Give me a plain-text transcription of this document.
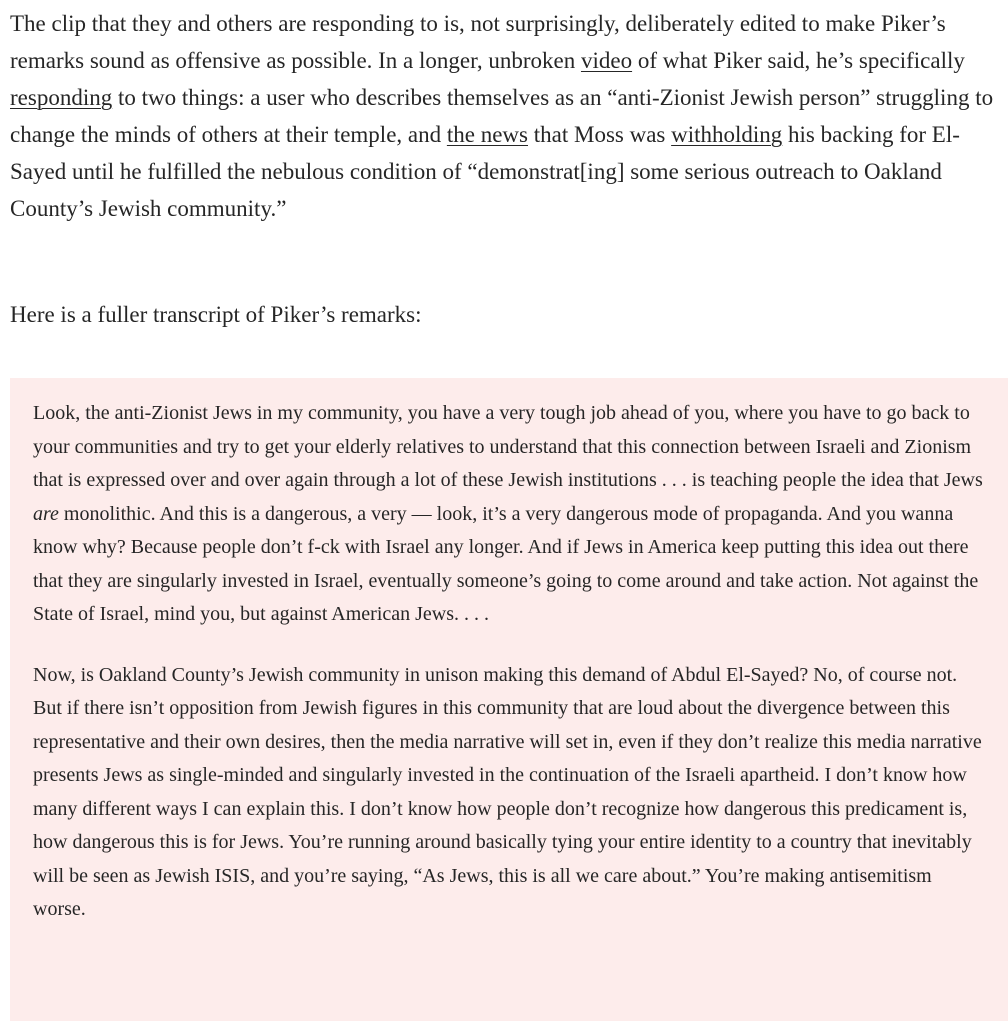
The clip that they and others are responding to is, not surprisingly, deliberately edited to make Piker’s remarks sound as offensive as possible. In a longer, unbroken video of what Piker said, he’s specifically responding to two things: a user who describes themselves as an “anti-Zionist Jewish person” struggling to change the minds of others at their temple, and the news that Moss was withholding his backing for El-Sayed until he fulfilled the nebulous condition of “demonstrat[ing] some serious outreach to Oakland County’s Jewish community.”

Here is a fuller transcript of Piker’s remarks:

Look, the anti-Zionist Jews in my community, you have a very tough job ahead of you, where you have to go back to your communities and try to get your elderly relatives to understand that this connection between Israeli and Zionism that is expressed over and over again through a lot of these Jewish institutions . . . is teaching people the idea that Jews are monolithic. And this is a dangerous, a very — look, it’s a very dangerous mode of propaganda. And you wanna know why? Because people don’t f-ck with Israel any longer. And if Jews in America keep putting this idea out there that they are singularly invested in Israel, eventually someone’s going to come around and take action. Not against the State of Israel, mind you, but against American Jews. . . .

Now, is Oakland County’s Jewish community in unison making this demand of Abdul El-Sayed? No, of course not. But if there isn’t opposition from Jewish figures in this community that are loud about the divergence between this representative and their own desires, then the media narrative will set in, even if they don’t realize this media narrative presents Jews as single-minded and singularly invested in the continuation of the Israeli apartheid. I don’t know how many different ways I can explain this. I don’t know how people don’t recognize how dangerous this predicament is, how dangerous this is for Jews. You’re running around basically tying your entire identity to a country that inevitably will be seen as Jewish ISIS, and you’re saying, “As Jews, this is all we care about.” You’re making antisemitism worse.
